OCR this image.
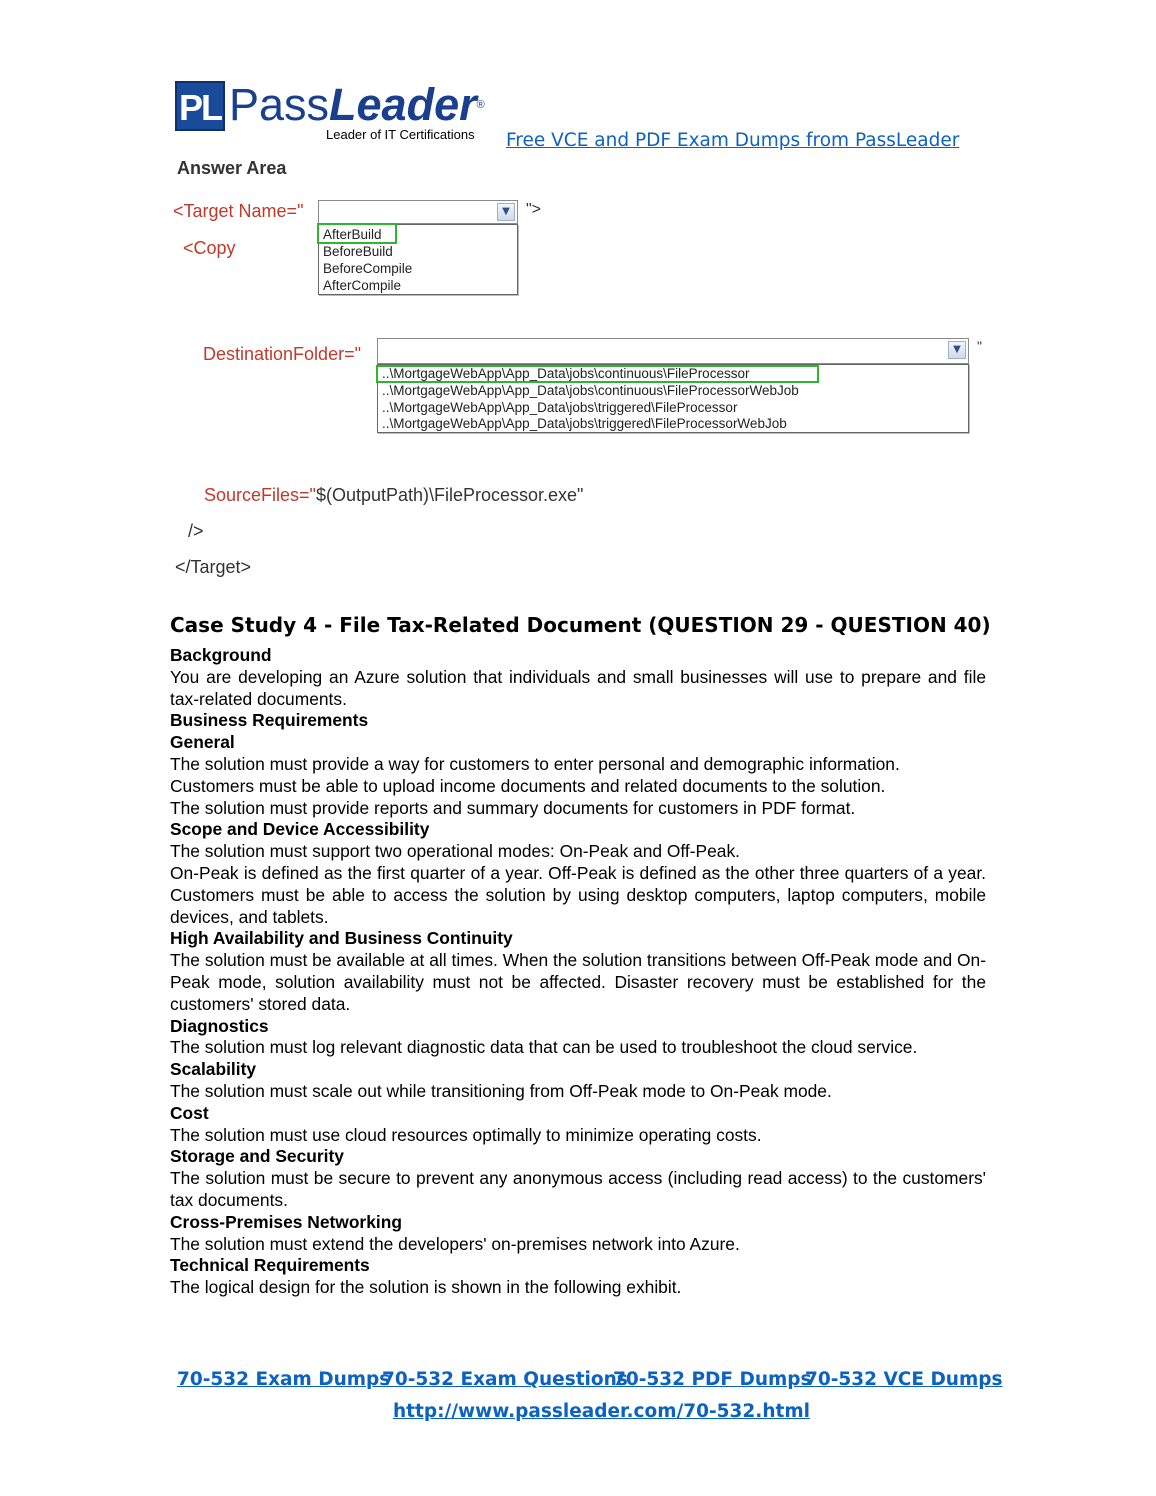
PL PassLeader®
Leader of IT Certifications Free VCE and PDF Exam Dumps from PassLeader
Answer Area
<Target Name="	▼	">
<Copy
AfterBuild
BeforeBuild
BeforeCompile
AfterCompile
DestinationFolder="	▼	"
..\MortgageWebApp\App_Data\jobs\continuous\FileProcessor
..\MortgageWebApp\App_Data\jobs\continuous\FileProcessorWebJob
..\MortgageWebApp\App_Data\jobs\triggered\FileProcessor
..\MortgageWebApp\App_Data\jobs\triggered\FileProcessorWebJob
SourceFiles="$(OutputPath)\FileProcessor.exe"
/>
</Target>
Case Study 4 - File Tax-Related Document (QUESTION 29 - QUESTION 40)
Background
You are developing an Azure solution that individuals and small businesses will use to prepare and file tax-related documents.
Business Requirements
General
The solution must provide a way for customers to enter personal and demographic information.
Customers must be able to upload income documents and related documents to the solution.
The solution must provide reports and summary documents for customers in PDF format.
Scope and Device Accessibility
The solution must support two operational modes: On-Peak and Off-Peak.
On-Peak is defined as the first quarter of a year. Off-Peak is defined as the other three quarters of a year. Customers must be able to access the solution by using desktop computers, laptop computers, mobile devices, and tablets.
High Availability and Business Continuity
The solution must be available at all times. When the solution transitions between Off-Peak mode and On-Peak mode, solution availability must not be affected. Disaster recovery must be established for the customers' stored data.
Diagnostics
The solution must log relevant diagnostic data that can be used to troubleshoot the cloud service.
Scalability
The solution must scale out while transitioning from Off-Peak mode to On-Peak mode.
Cost
The solution must use cloud resources optimally to minimize operating costs.
Storage and Security
The solution must be secure to prevent any anonymous access (including read access) to the customers' tax documents.
Cross-Premises Networking
The solution must extend the developers' on-premises network into Azure.
Technical Requirements
The logical design for the solution is shown in the following exhibit.
70-532 Exam Dumps
70-532 Exam Questions
70-532 PDF Dumps
70-532 VCE Dumps
http://www.passleader.com/70-532.html
